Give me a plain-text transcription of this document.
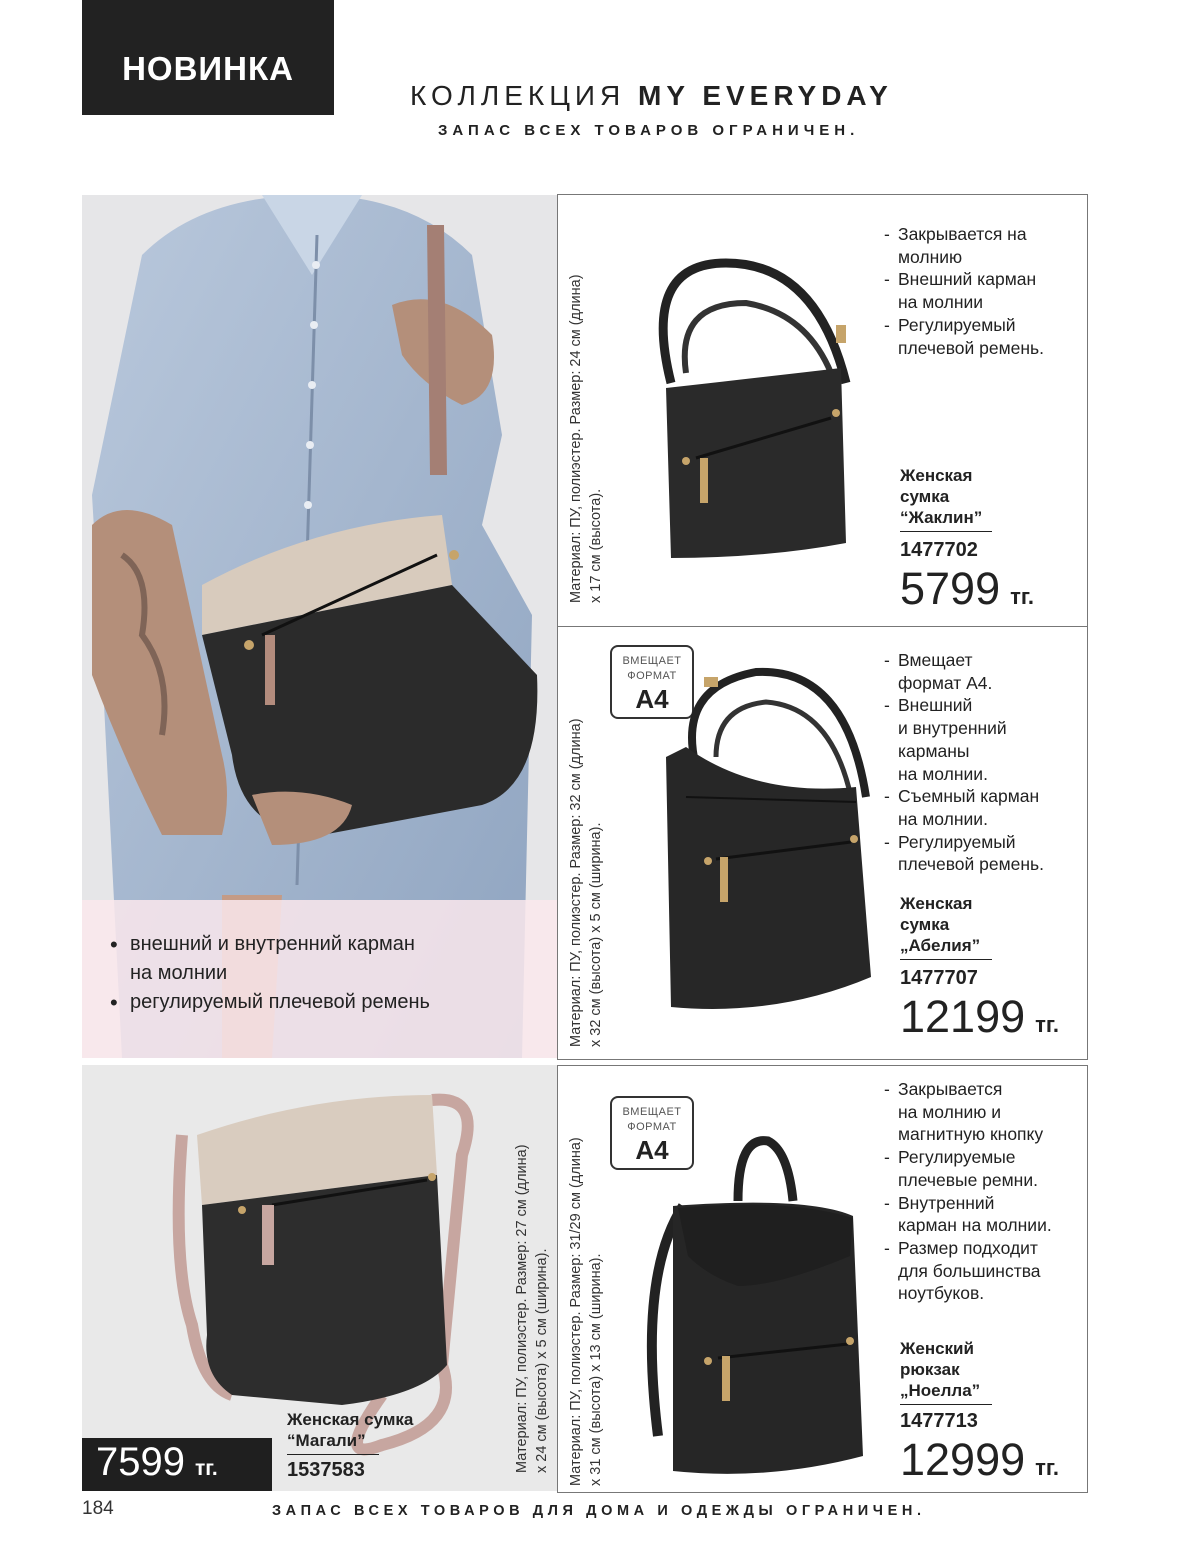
НОВИНКА
КОЛЛЕКЦИЯ MY EVERYDAY
ЗАПАС ВСЕХ ТОВАРОВ ОГРАНИЧЕН.
• внешний и внутренний карман
на молнии
• регулируемый плечевой ремень
Материал: ПУ, полиэстер. Размер: 24 см (длина) х 17 см (высота).
- Закрывается на
молнию
- Внешний карман
на молнии
- Регулируемый
плечевой ремень.
Женская
сумка
“Жаклин”
1477702
5799 тг.
Материал: ПУ, полиэстер. Размер: 32 см (длина) х 32 см (высота) х 5 см (ширина).
ВМЕЩАЕТ
ФОРМАТ
А4
- Вмещает
формат А4.
- Внешний
и внутренний
карманы
на молнии.
- Съемный карман
на молнии.
- Регулируемый
плечевой ремень.
Женская
сумка
„Абелия”
1477707
12199 тг.
Материал: ПУ, полиэстер. Размер: 31/29 см (длина) х 31 см (высота) х 13 см (ширина).
ВМЕЩАЕТ
ФОРМАТ
А4
- Закрывается
на молнию и
магнитную кнопку
- Регулируемые
плечевые ремни.
- Внутренний
карман на молнии.
- Размер подходит
для большинства
ноутбуков.
Женский
рюкзак
„Ноелла”
1477713
12999 тг.
Материал: ПУ, полиэстер. Размер: 27 см (длина) х 24 см (высота) х 5 см (ширина).
Женская сумка
“Магали”
1537583
7599 тг.
184	ЗАПАС ВСЕХ ТОВАРОВ ДЛЯ ДОМА И ОДЕЖДЫ ОГРАНИЧЕН.
